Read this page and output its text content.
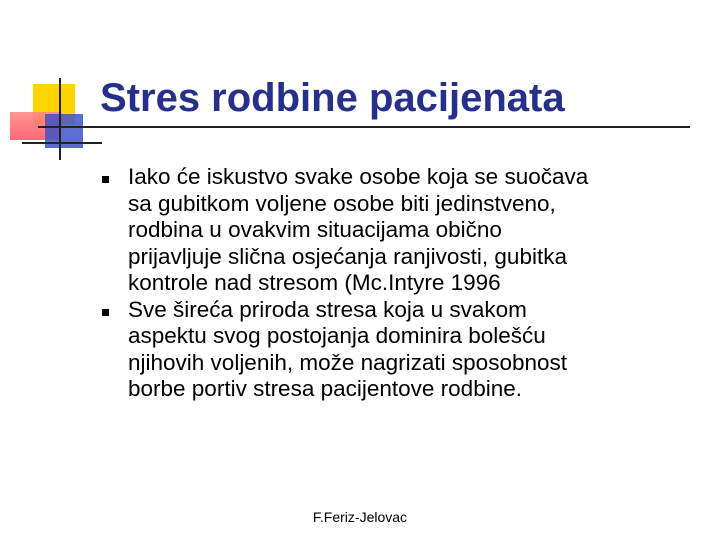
Stres rodbine pacijenata
Iako će iskustvo svake osobe koja se suočava
sa gubitkom voljene osobe biti jedinstveno,
rodbina u ovakvim situacijama obično
prijavljuje slična osjećanja ranjivosti, gubitka
kontrole nad stresom (Mc.Intyre 1996
Sve šireća priroda stresa koja u svakom
aspektu svog postojanja dominira bolešću
njihovih voljenih, može nagrizati sposobnost
borbe portiv stresa pacijentove rodbine.
F.Feriz-Jelovac
